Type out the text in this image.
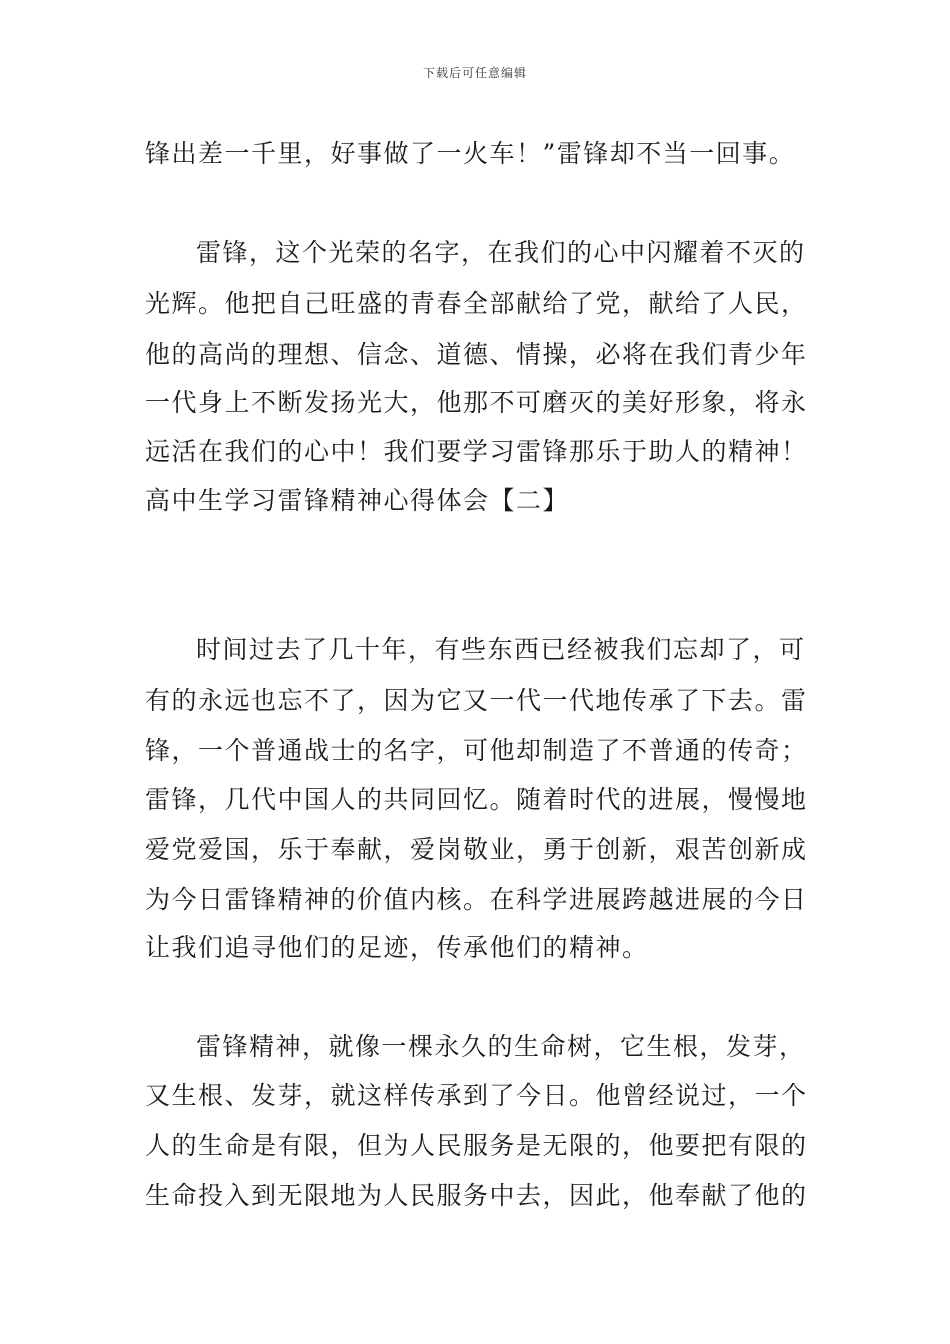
下载后可任意编辑
锋出差一千里，好事做了一火车！”雷锋却不当一回事。
雷锋，这个光荣的名字，在我们的心中闪耀着不灭的
光辉。他把自己旺盛的青春全部献给了党，献给了人民，
他的高尚的理想、信念、道德、情操，必将在我们青少年
一代身上不断发扬光大，他那不可磨灭的美好形象，将永
远活在我们的心中！我们要学习雷锋那乐于助人的精神！
高中生学习雷锋精神心得体会【二】
时间过去了几十年，有些东西已经被我们忘却了，可
有的永远也忘不了，因为它又一代一代地传承了下去。雷
锋，一个普通战士的名字，可他却制造了不普通的传奇；
雷锋，几代中国人的共同回忆。随着时代的进展，慢慢地
爱党爱国，乐于奉献，爱岗敬业，勇于创新，艰苦创新成
为今日雷锋精神的价值内核。在科学进展跨越进展的今日
让我们追寻他们的足迹，传承他们的精神。
雷锋精神，就像一棵永久的生命树，它生根，发芽，
又生根、发芽，就这样传承到了今日。他曾经说过，一个
人的生命是有限，但为人民服务是无限的，他要把有限的
生命投入到无限地为人民服务中去，因此，他奉献了他的
